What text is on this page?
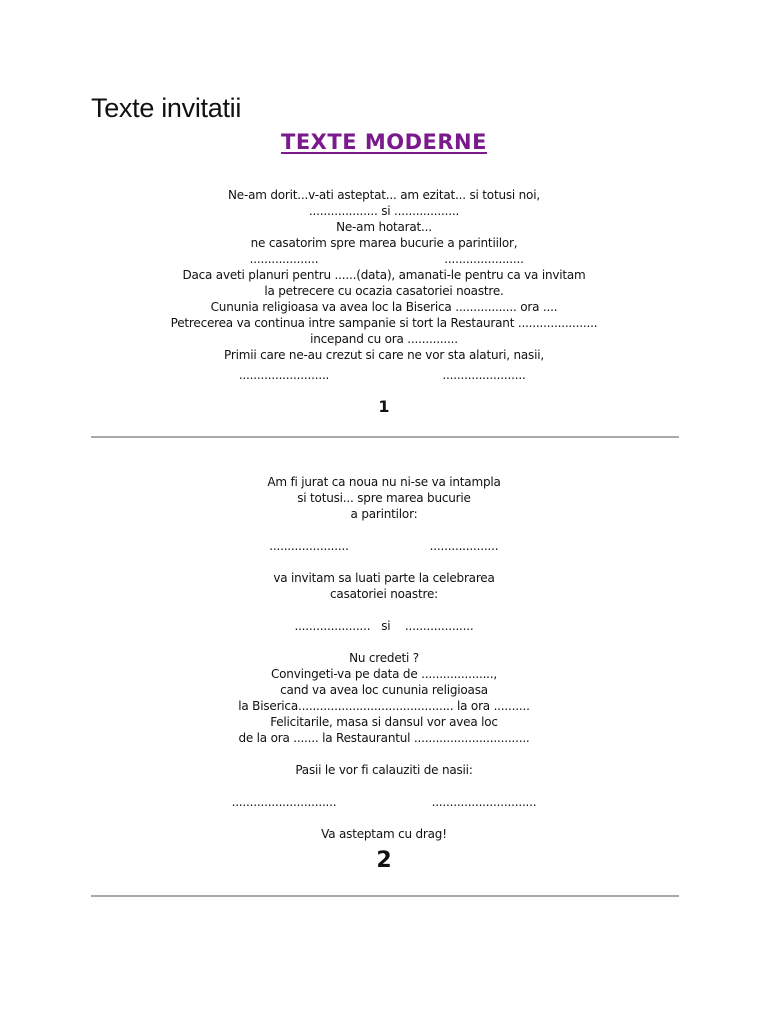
Texte invitatii
TEXTE MODERNE
Ne-am dorit...v-ati asteptat... am ezitat... si totusi noi,
................... si ..................
Ne-am hotarat...
ne casatorim spre marea bucurie a parintiilor,
...................	......................
Daca aveti planuri pentru ......(data), amanati-le pentru ca va invitam
la petrecere cu ocazia casatoriei noastre.
Cununia religioasa va avea loc la Biserica ................. ora ....
Petrecerea va continua intre sampanie si tort la Restaurant ......................
incepand cu ora ..............
Primii care ne-au crezut si care ne vor sta alaturi, nasii,
.........................	.......................
1
Am fi jurat ca noua nu ni-se va intampla
si totusi... spre marea bucurie
a parintilor:
......................	...................
va invitam sa luati parte la celebrarea
casatoriei noastre:
.....................   si    ...................
Nu credeti ?
Convingeti-va pe data de ....................,
cand va avea loc cununia religioasa
la Biserica........................................... la ora ..........
Felicitarile, masa si dansul vor avea loc
de la ora ....... la Restaurantul ................................
Pasii le vor fi calauziti de nasii:
.............................	.............................
Va asteptam cu drag!
2
